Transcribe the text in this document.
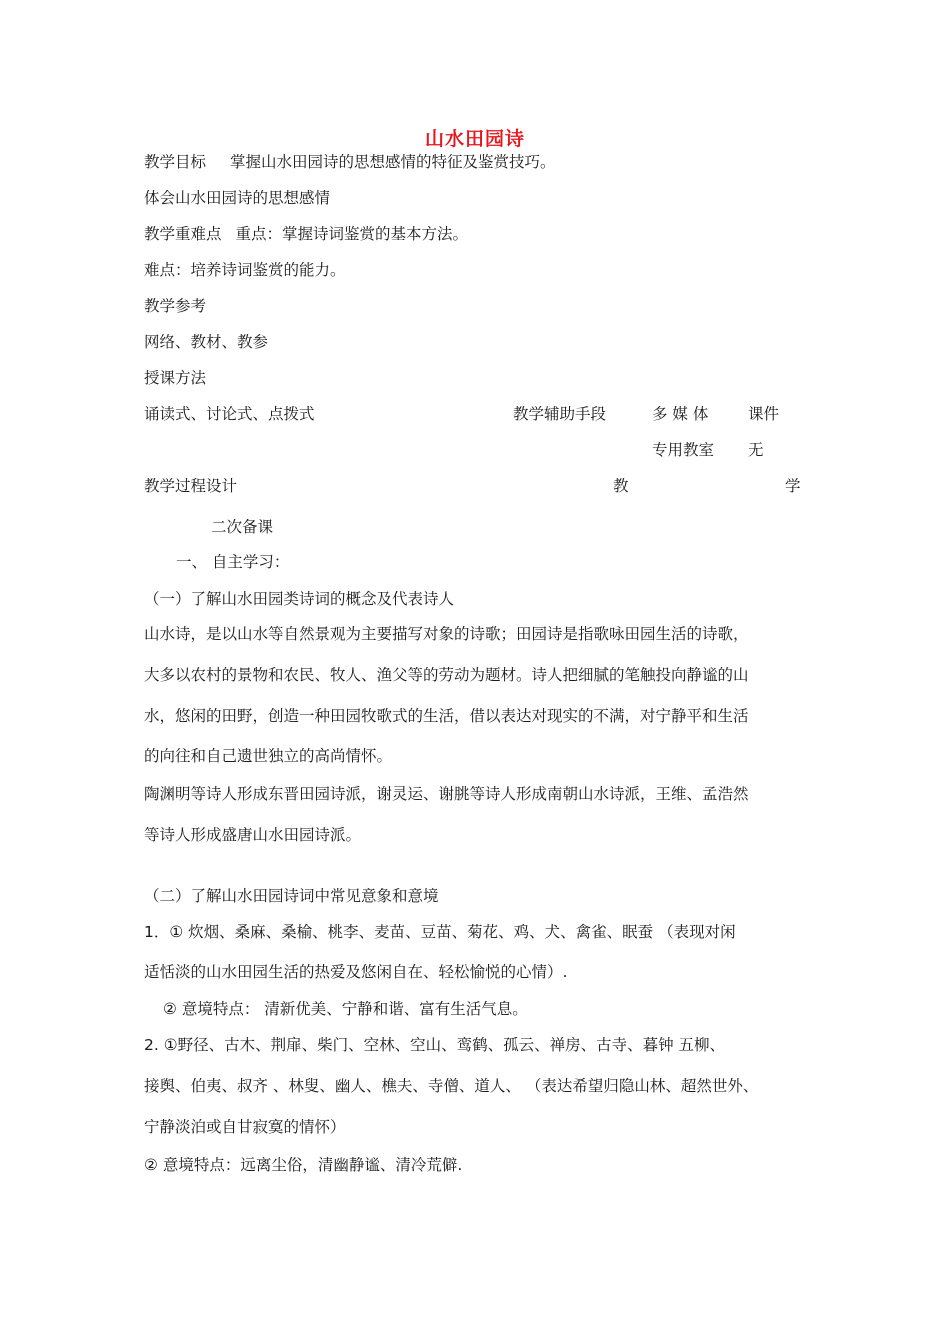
山水田园诗
教学目标 掌握山水田园诗的思想感情的特征及鉴赏技巧。
体会山水田园诗的思想感情
教学重难点 重点：掌握诗词鉴赏的基本方法。
难点：培养诗词鉴赏的能力。
教学参考
网络、教材、教参
授课方法
诵读式、讨论式、点拨式	教学辅助手段	多 媒 体	课件
专用教室 无
教学过程设计	教	学
二次备课
一、 自主学习：
（一）了解山水田园类诗词的概念及代表诗人
山水诗，是以山水等自然景观为主要描写对象的诗歌；田园诗是指歌咏田园生活的诗歌，
大多以农村的景物和农民、牧人、渔父等的劳动为题材。诗人把细腻的笔触投向静谧的山
水，悠闲的田野，创造一种田园牧歌式的生活，借以表达对现实的不满，对宁静平和生活
的向往和自己遗世独立的高尚情怀。
陶渊明等诗人形成东晋田园诗派，谢灵运、谢朓等诗人形成南朝山水诗派，王维、孟浩然
等诗人形成盛唐山水田园诗派。
（二）了解山水田园诗词中常见意象和意境
1．① 炊烟、桑麻、桑榆、桃李、麦苗、豆苗、菊花、鸡、犬、禽雀、眠蚕 （表现对闲
适恬淡的山水田园生活的热爱及悠闲自在、轻松愉悦的心情）.
② 意境特点： 清新优美、宁静和谐、富有生活气息。
2. ①野径、古木、荆扉、柴门、空林、空山、鸾鹤、孤云、禅房、古寺、暮钟 五柳、
接舆、伯夷、叔齐 、林叟、幽人、樵夫、寺僧、道人、 （表达希望归隐山林、超然世外、
宁静淡泊或自甘寂寞的情怀）
② 意境特点：远离尘俗，清幽静谧、清冷荒僻.
